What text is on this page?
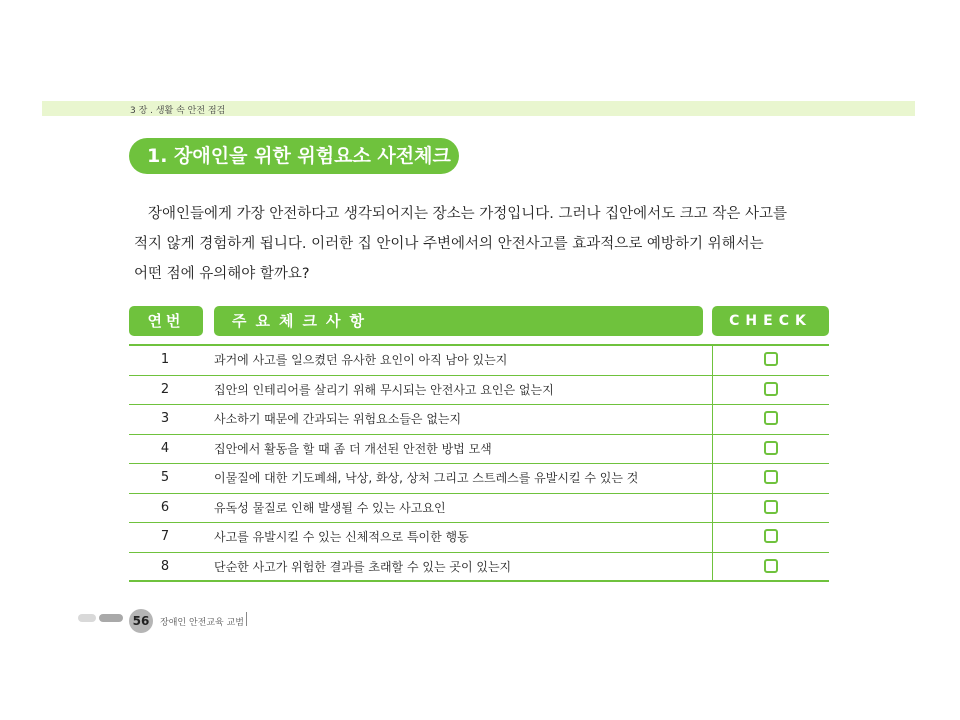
3 장 . 생활 속 안전 점검
1. 장애인을 위한 위험요소 사전체크
장애인들에게 가장 안전하다고 생각되어지는 장소는 가정입니다. 그러나 집안에서도 크고 작은 사고를
적지 않게 경험하게 됩니다. 이러한 집 안이나 주변에서의 안전사고를 효과적으로 예방하기 위해서는
어떤 점에 유의해야 할까요?
연번	주요체크사항	CHECK
1	과거에 사고를 일으켰던 유사한 요인이 아직 남아 있는지
2	집안의 인테리어를 살리기 위해 무시되는 안전사고 요인은 없는지
3	사소하기 때문에 간과되는 위험요소들은 없는지
4	집안에서 활동을 할 때 좀 더 개선된 안전한 방법 모색
5	이물질에 대한 기도폐쇄, 낙상, 화상, 상처 그리고 스트레스를 유발시킬 수 있는 것
6	유독성 물질로 인해 발생될 수 있는 사고요인
7	사고를 유발시킬 수 있는 신체적으로 특이한 행동
8	단순한 사고가 위험한 결과를 초래할 수 있는 곳이 있는지
56	장애인 안전교육 교범
